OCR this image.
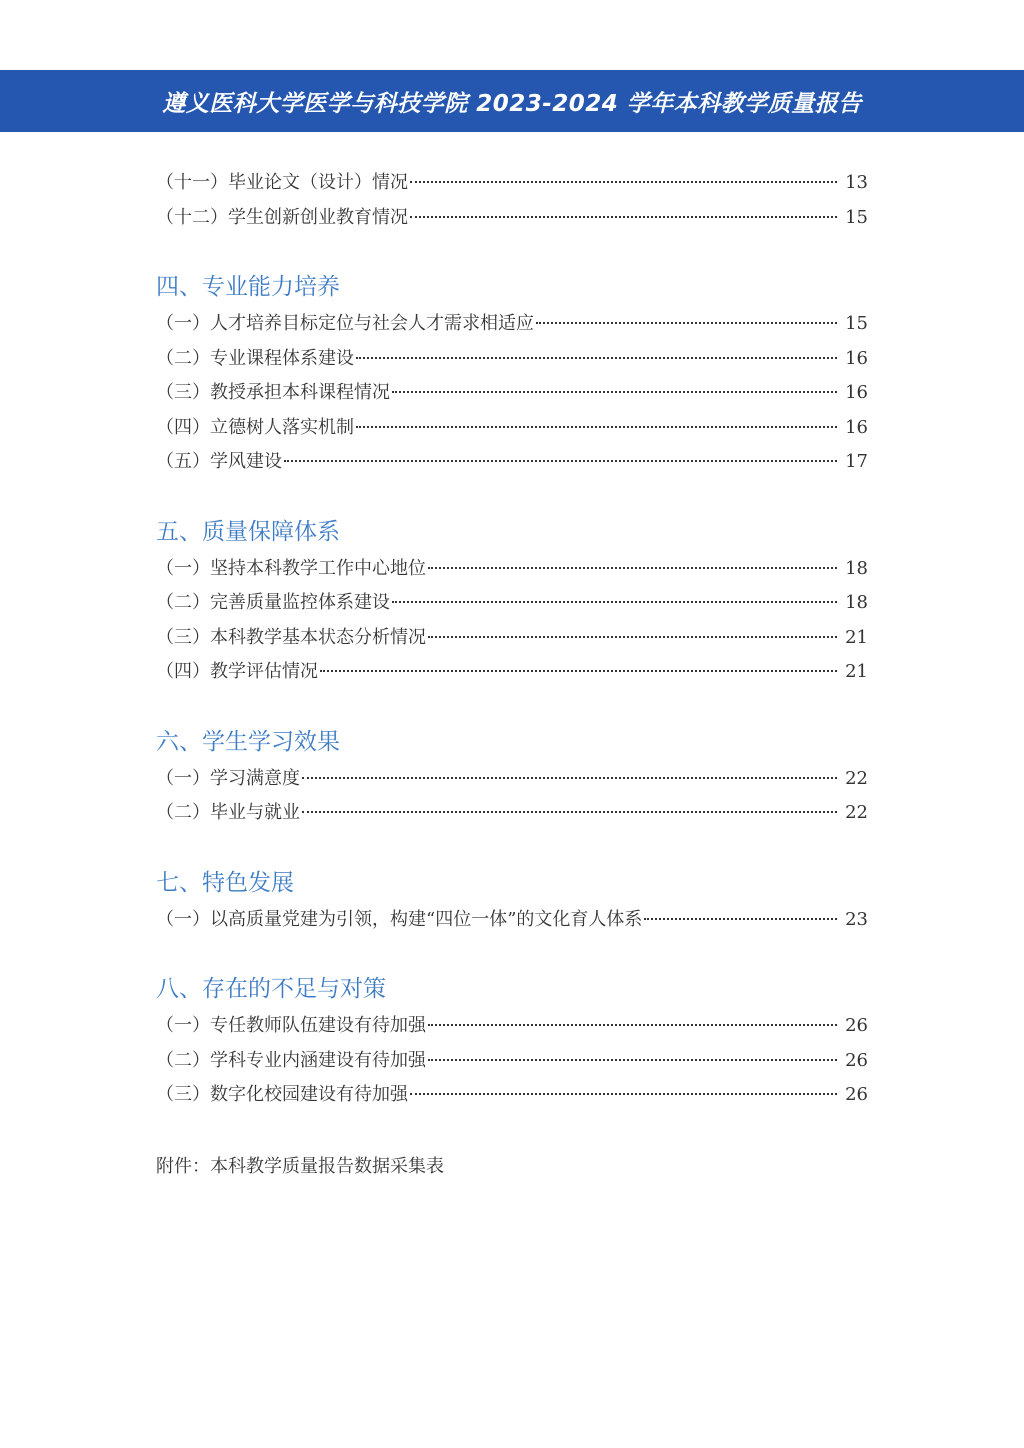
遵义医科大学医学与科技学院 2023-2024 学年本科教学质量报告
（十一）毕业论文（设计）情况	13
（十二）学生创新创业教育情况	15
四、专业能力培养
（一）人才培养目标定位与社会人才需求相适应	15
（二）专业课程体系建设	16
（三）教授承担本科课程情况	16
（四）立德树人落实机制	16
（五）学风建设	17
五、质量保障体系
（一）坚持本科教学工作中心地位	18
（二）完善质量监控体系建设	18
（三）本科教学基本状态分析情况	21
（四）教学评估情况	21
六、学生学习效果
（一）学习满意度	22
（二）毕业与就业	22
七、特色发展
（一）以高质量党建为引领，构建“四位一体”的文化育人体系	23
八、存在的不足与对策
（一）专任教师队伍建设有待加强	26
（二）学科专业内涵建设有待加强	26
（三）数字化校园建设有待加强	26
附件：本科教学质量报告数据采集表
